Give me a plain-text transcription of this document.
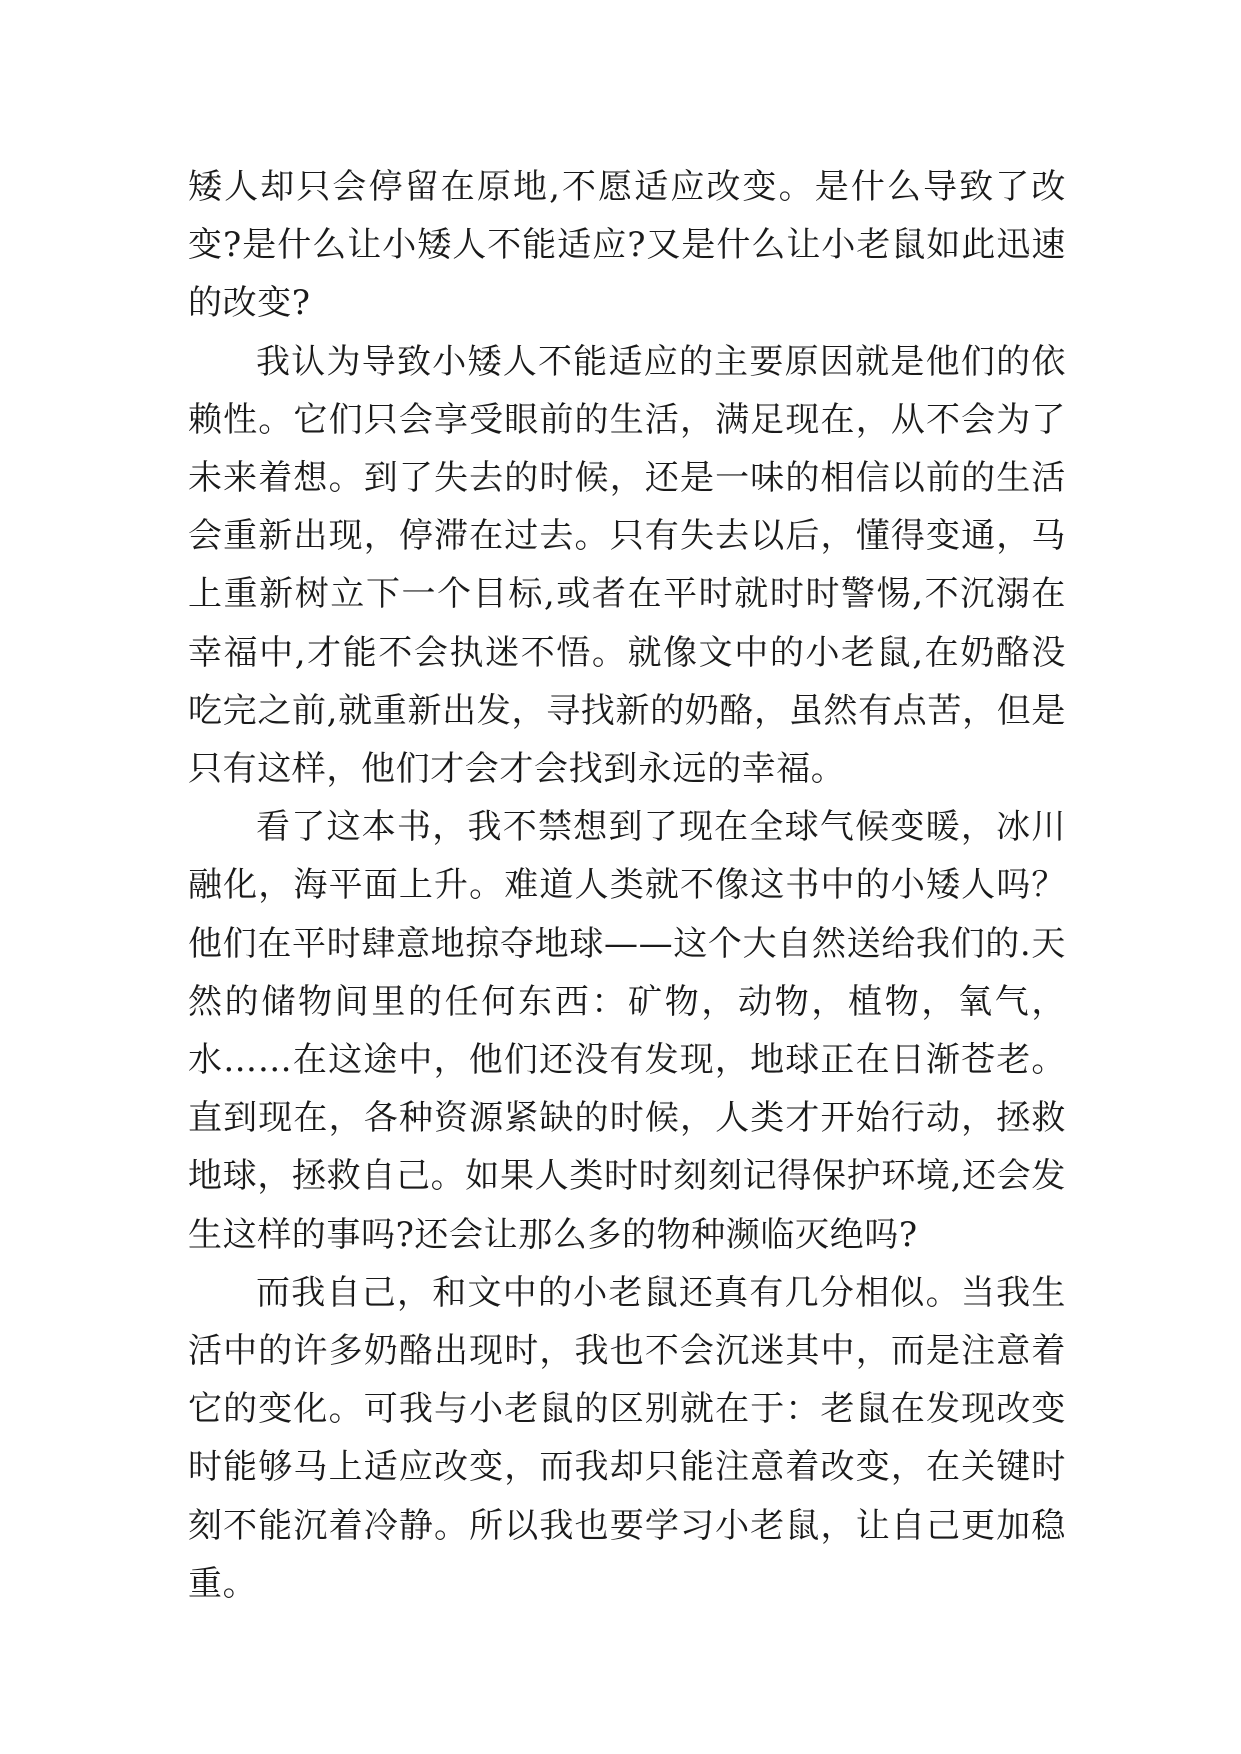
矮人却只会停留在原地,不愿适应改变。是什么导致了改变?是什么让小矮人不能适应?又是什么让小老鼠如此迅速的改变?

我认为导致小矮人不能适应的主要原因就是他们的依赖性。它们只会享受眼前的生活，满足现在，从不会为了未来着想。到了失去的时候，还是一味的相信以前的生活会重新出现，停滞在过去。只有失去以后，懂得变通，马上重新树立下一个目标,或者在平时就时时警惕,不沉溺在幸福中,才能不会执迷不悟。就像文中的小老鼠,在奶酪没吃完之前,就重新出发，寻找新的奶酪，虽然有点苦，但是只有这样，他们才会才会找到永远的幸福。

看了这本书，我不禁想到了现在全球气候变暖，冰川融化，海平面上升。难道人类就不像这书中的小矮人吗？他们在平时肆意地掠夺地球——这个大自然送给我们的.天然的储物间里的任何东西：矿物，动物，植物，氧气，水……在这途中，他们还没有发现，地球正在日渐苍老。直到现在，各种资源紧缺的时候，人类才开始行动，拯救地球，拯救自己。如果人类时时刻刻记得保护环境,还会发生这样的事吗?还会让那么多的物种濒临灭绝吗?

而我自己，和文中的小老鼠还真有几分相似。当我生活中的许多奶酪出现时，我也不会沉迷其中，而是注意着它的变化。可我与小老鼠的区别就在于：老鼠在发现改变时能够马上适应改变，而我却只能注意着改变，在关键时刻不能沉着冷静。所以我也要学习小老鼠，让自己更加稳重。
